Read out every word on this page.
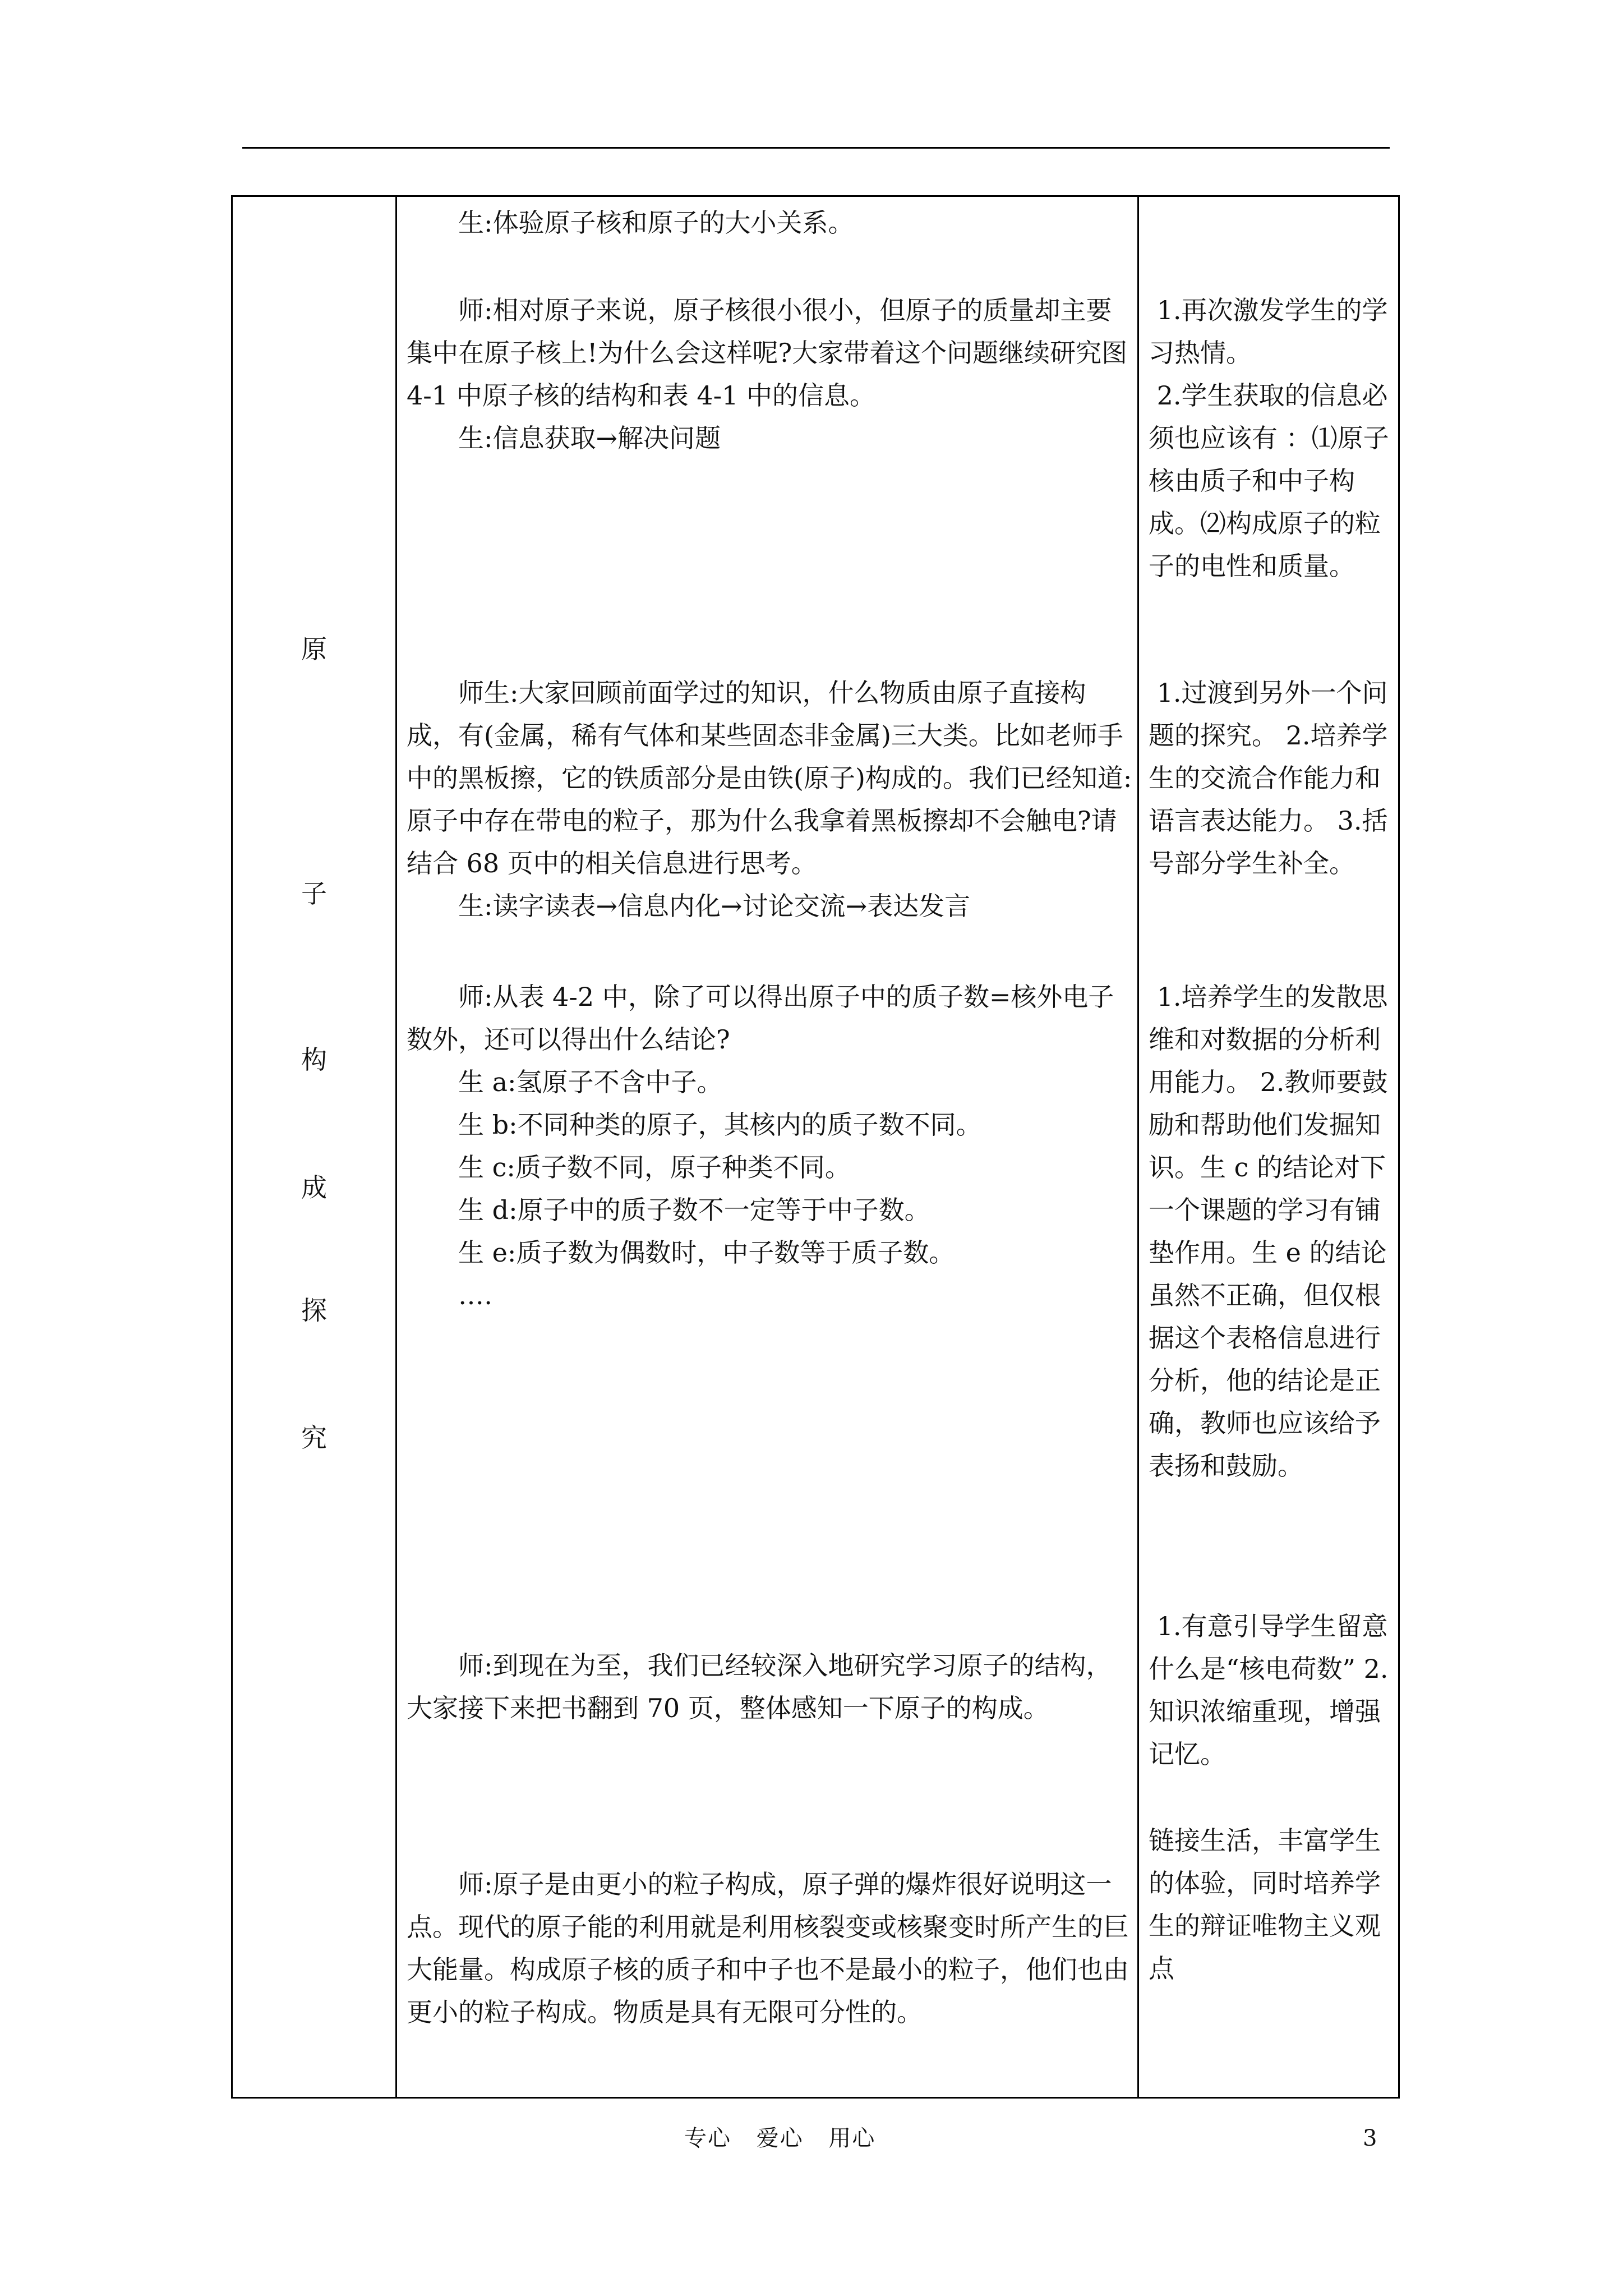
原
子
构
成
探
究
　　生:体验原子核和原子的大小关系。
　　师:相对原子来说，原子核很小很小，但原子的质量却主要集中在原子核上!为什么会这样呢?大家带着这个问题继续研究图 4-1 中原子核的结构和表 4-1 中的信息。
　　生:信息获取→解决问题
　　师生:大家回顾前面学过的知识，什么物质由原子直接构成，有(金属，稀有气体和某些固态非金属)三大类。比如老师手中的黑板擦，它的铁质部分是由铁(原子)构成的。我们已经知道:原子中存在带电的粒子，那为什么我拿着黑板擦却不会触电?请结合 68 页中的相关信息进行思考。
　　生:读字读表→信息内化→讨论交流→表达发言
　　师:从表 4-2 中，除了可以得出原子中的质子数=核外电子数外，还可以得出什么结论?
　　生 a:氢原子不含中子。
　　生 b:不同种类的原子，其核内的质子数不同。
　　生 c:质子数不同，原子种类不同。
　　生 d:原子中的质子数不一定等于中子数。
　　生 e:质子数为偶数时，中子数等于质子数。
　　‥‥
　　师:到现在为至，我们已经较深入地研究学习原子的结构，大家接下来把书翻到 70 页，整体感知一下原子的构成。
　　师:原子是由更小的粒子构成，原子弹的爆炸很好说明这一点。现代的原子能的利用就是利用核裂变或核聚变时所产生的巨大能量。构成原子核的质子和中子也不是最小的粒子，他们也由更小的粒子构成。物质是具有无限可分性的。
1.再次激发学生的学习热情。
2.学生获取的信息必须也应该有 ：⑴原子核由质子和中子构成。⑵构成原子的粒子的电性和质量。
1.过渡到另外一个问题的探究。 2.培养学生的交流合作能力和语言表达能力。 3.括号部分学生补全。
1.培养学生的发散思维和对数据的分析利用能力。 2.教师要鼓励和帮助他们发掘知识。生 c 的结论对下一个课题的学习有铺垫作用。生 e 的结论虽然不正确，但仅根据这个表格信息进行分析，他的结论是正确，教师也应该给予表扬和鼓励。
1.有意引导学生留意什么是“核电荷数” 2.知识浓缩重现，增强记忆。
链接生活，丰富学生的体验，同时培养学生的辩证唯物主义观点
专心 爱心 用心	3
